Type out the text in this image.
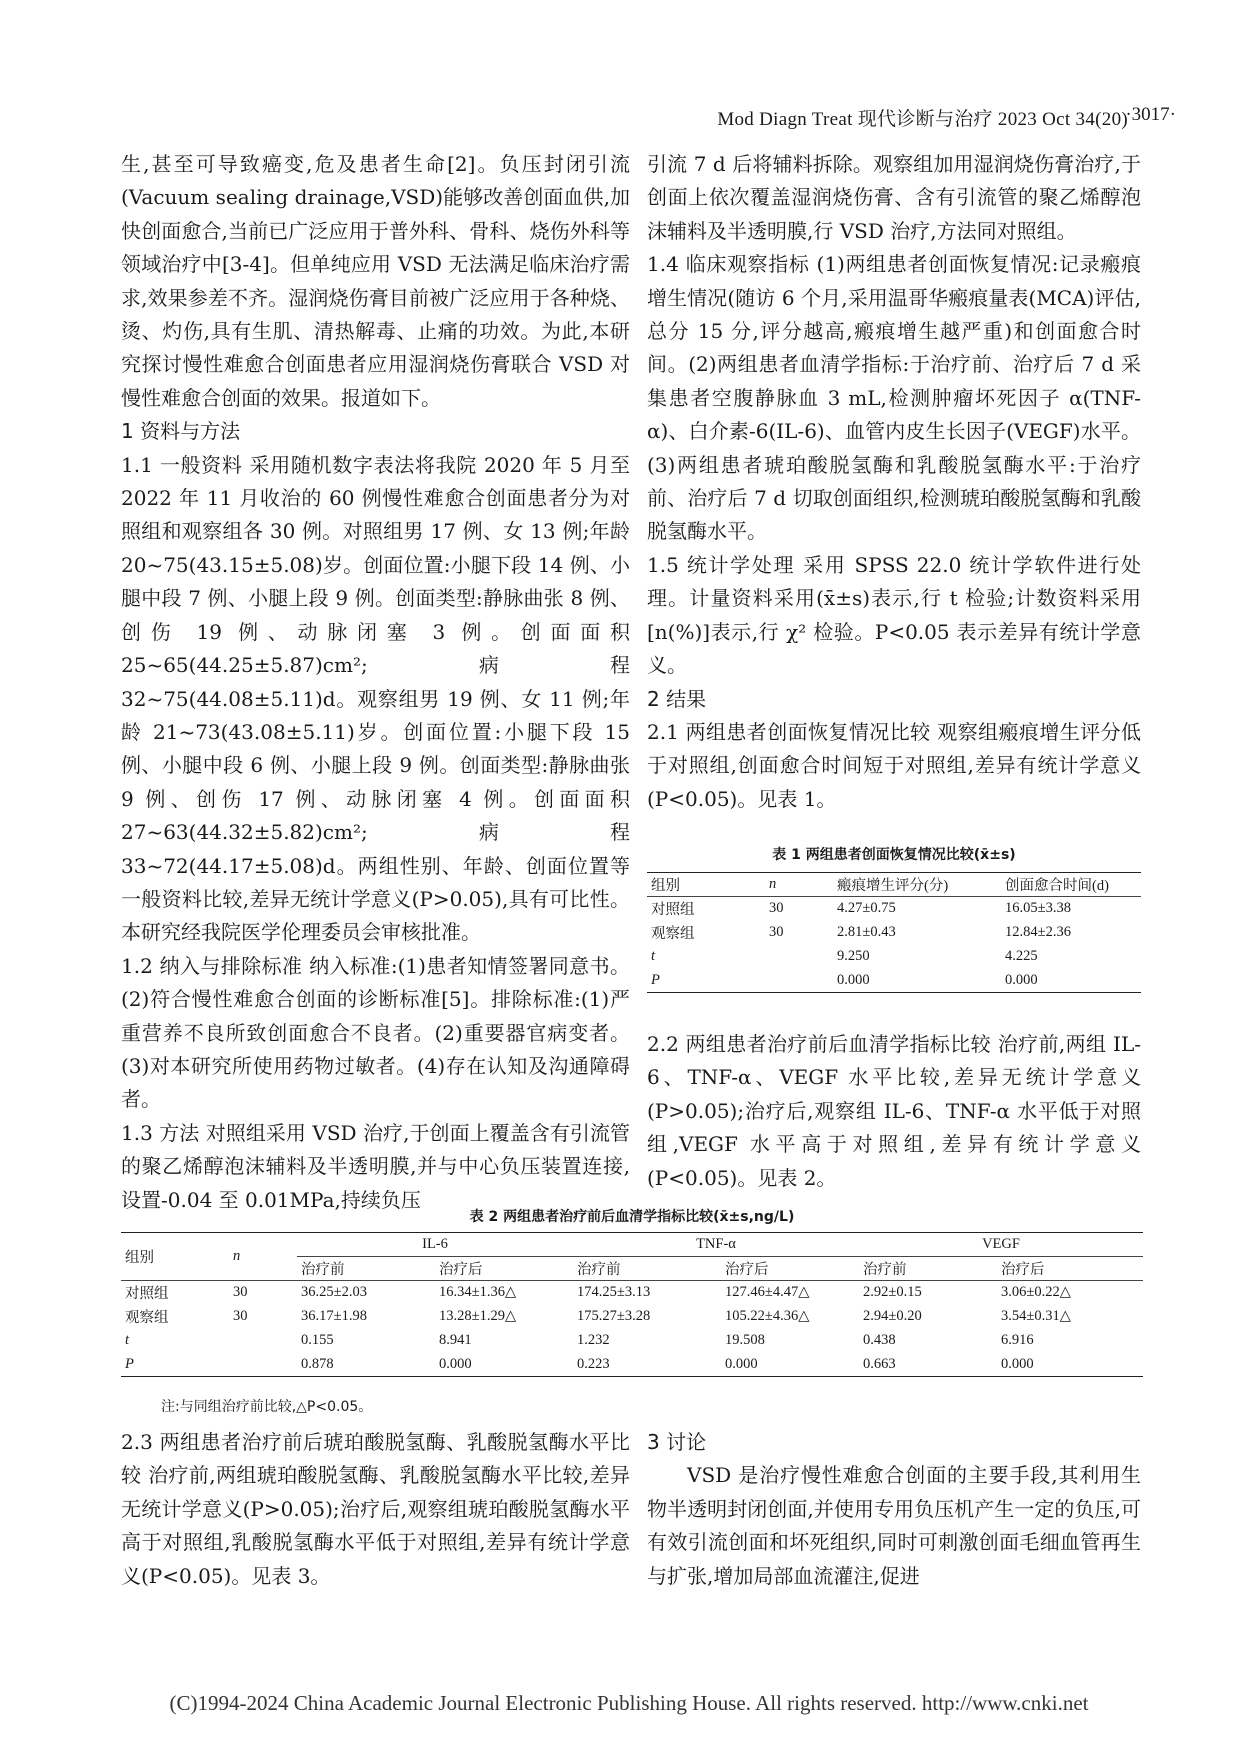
Mod Diagn Treat 现代诊断与治疗 2023 Oct 34(20)
·3017·

生,甚至可导致癌变,危及患者生命[2]。负压封闭引流(Vacuum sealing drainage,VSD)能够改善创面血供,加快创面愈合,当前已广泛应用于普外科、骨科、烧伤外科等领域治疗中[3-4]。但单纯应用 VSD 无法满足临床治疗需求,效果参差不齐。湿润烧伤膏目前被广泛应用于各种烧、烫、灼伤,具有生肌、清热解毒、止痛的功效。为此,本研究探讨慢性难愈合创面患者应用湿润烧伤膏联合 VSD 对慢性难愈合创面的效果。报道如下。

1 资料与方法

1.1 一般资料 采用随机数字表法将我院 2020 年 5 月至 2022 年 11 月收治的 60 例慢性难愈合创面患者分为对照组和观察组各 30 例。对照组男 17 例、女 13 例;年龄 20~75(43.15±5.08)岁。创面位置:小腿下段 14 例、小腿中段 7 例、小腿上段 9 例。创面类型:静脉曲张 8 例、创伤 19 例、动脉闭塞 3 例。创面面积 25~65(44.25±5.87)cm²;病程 32~75(44.08±5.11)d。观察组男 19 例、女 11 例;年龄 21~73(43.08±5.11)岁。创面位置:小腿下段 15 例、小腿中段 6 例、小腿上段 9 例。创面类型:静脉曲张 9 例、创伤 17 例、动脉闭塞 4 例。创面面积 27~63(44.32±5.82)cm²;病程 33~72(44.17±5.08)d。两组性别、年龄、创面位置等一般资料比较,差异无统计学意义(P>0.05),具有可比性。本研究经我院医学伦理委员会审核批准。

1.2 纳入与排除标准 纳入标准:(1)患者知情签署同意书。(2)符合慢性难愈合创面的诊断标准[5]。排除标准:(1)严重营养不良所致创面愈合不良者。(2)重要器官病变者。(3)对本研究所使用药物过敏者。(4)存在认知及沟通障碍者。

1.3 方法 对照组采用 VSD 治疗,于创面上覆盖含有引流管的聚乙烯醇泡沫辅料及半透明膜,并与中心负压装置连接,设置-0.04 至 0.01MPa,持续负压

引流 7 d 后将辅料拆除。观察组加用湿润烧伤膏治疗,于创面上依次覆盖湿润烧伤膏、含有引流管的聚乙烯醇泡沫辅料及半透明膜,行 VSD 治疗,方法同对照组。

1.4 临床观察指标 (1)两组患者创面恢复情况:记录瘢痕增生情况(随访 6 个月,采用温哥华瘢痕量表(MCA)评估,总分 15 分,评分越高,瘢痕增生越严重)和创面愈合时间。(2)两组患者血清学指标:于治疗前、治疗后 7 d 采集患者空腹静脉血 3 mL,检测肿瘤坏死因子 α(TNF-α)、白介素-6(IL-6)、血管内皮生长因子(VEGF)水平。(3)两组患者琥珀酸脱氢酶和乳酸脱氢酶水平:于治疗前、治疗后 7 d 切取创面组织,检测琥珀酸脱氢酶和乳酸脱氢酶水平。

1.5 统计学处理 采用 SPSS 22.0 统计学软件进行处理。计量资料采用(x̄±s)表示,行 t 检验;计数资料采用[n(%)]表示,行 χ² 检验。P<0.05 表示差异有统计学意义。

2 结果

2.1 两组患者创面恢复情况比较 观察组瘢痕增生评分低于对照组,创面愈合时间短于对照组,差异有统计学意义(P<0.05)。见表 1。

表 1 两组患者创面恢复情况比较(x̄±s)
组别	n	瘢痕增生评分(分)	创面愈合时间(d)
对照组	30	4.27±0.75	16.05±3.38
观察组	30	2.81±0.43	12.84±2.36
t		9.250	4.225
P		0.000	0.000

2.2 两组患者治疗前后血清学指标比较 治疗前,两组 IL-6、TNF-α、VEGF 水平比较,差异无统计学意义(P>0.05);治疗后,观察组 IL-6、TNF-α 水平低于对照组,VEGF 水平高于对照组,差异有统计学意义(P<0.05)。见表 2。

表 2 两组患者治疗前后血清学指标比较(x̄±s,ng/L)
组别	n	IL-6		TNF-α		VEGF	
		治疗前	治疗后	治疗前	治疗后	治疗前	治疗后
对照组	30	36.25±2.03	16.34±1.36△	174.25±3.13	127.46±4.47△	2.92±0.15	3.06±0.22△
观察组	30	36.17±1.98	13.28±1.29△	175.27±3.28	105.22±4.36△	2.94±0.20	3.54±0.31△
t		0.155	8.941	1.232	19.508	0.438	6.916
P		0.878	0.000	0.223	0.000	0.663	0.000
注:与同组治疗前比较,△P<0.05。

2.3 两组患者治疗前后琥珀酸脱氢酶、乳酸脱氢酶水平比较 治疗前,两组琥珀酸脱氢酶、乳酸脱氢酶水平比较,差异无统计学意义(P>0.05);治疗后,观察组琥珀酸脱氢酶水平高于对照组,乳酸脱氢酶水平低于对照组,差异有统计学意义(P<0.05)。见表 3。

3 讨论

VSD 是治疗慢性难愈合创面的主要手段,其利用生物半透明封闭创面,并使用专用负压机产生一定的负压,可有效引流创面和坏死组织,同时可刺激创面毛细血管再生与扩张,增加局部血流灌注,促进

(C)1994-2024 China Academic Journal Electronic Publishing House. All rights reserved. http://www.cnki.net
